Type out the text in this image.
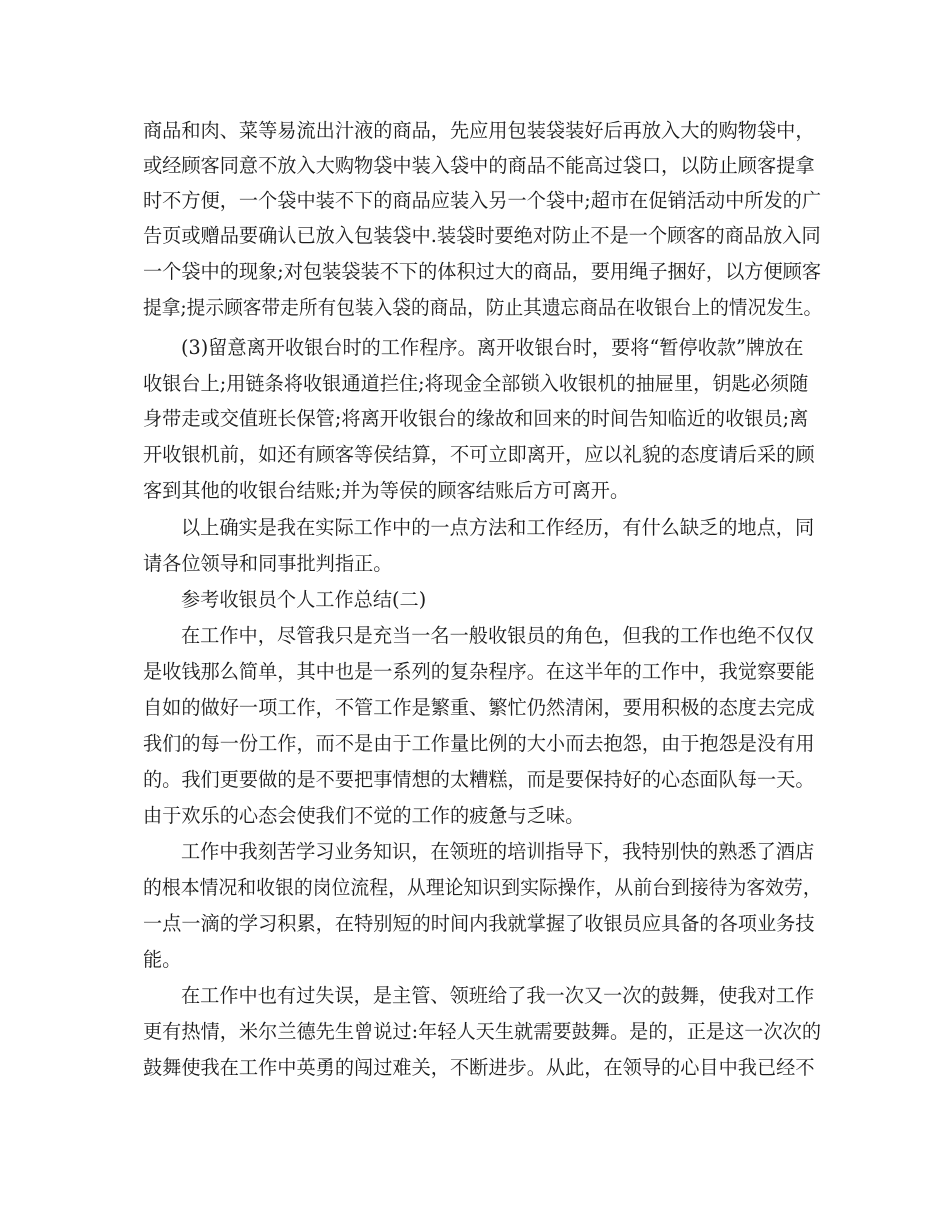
商品和肉、菜等易流出汁液的商品，先应用包装袋装好后再放入大的购物袋中，
或经顾客同意不放入大购物袋中装入袋中的商品不能高过袋口，以防止顾客提拿
时不方便，一个袋中装不下的商品应装入另一个袋中;超市在促销活动中所发的广
告页或赠品要确认已放入包装袋中.装袋时要绝对防止不是一个顾客的商品放入同
一个袋中的现象;对包装袋装不下的体积过大的商品，要用绳子捆好，以方便顾客
提拿;提示顾客带走所有包装入袋的商品，防止其遗忘商品在收银台上的情况发生。
(3)留意离开收银台时的工作程序。离开收银台时，要将“暂停收款”牌放在
收银台上;用链条将收银通道拦住;将现金全部锁入收银机的抽屉里，钥匙必须随
身带走或交值班长保管;将离开收银台的缘故和回来的时间告知临近的收银员;离
开收银机前，如还有顾客等侯结算，不可立即离开，应以礼貌的态度请后采的顾
客到其他的收银台结账;并为等侯的顾客结账后方可离开。
以上确实是我在实际工作中的一点方法和工作经历，有什么缺乏的地点，同
请各位领导和同事批判指正。
参考收银员个人工作总结(二)
在工作中，尽管我只是充当一名一般收银员的角色，但我的工作也绝不仅仅
是收钱那么简单，其中也是一系列的复杂程序。在这半年的工作中，我觉察要能
自如的做好一项工作，不管工作是繁重、繁忙仍然清闲，要用积极的态度去完成
我们的每一份工作，而不是由于工作量比例的大小而去抱怨，由于抱怨是没有用
的。我们更要做的是不要把事情想的太糟糕，而是要保持好的心态面队每一天。
由于欢乐的心态会使我们不觉的工作的疲惫与乏味。
工作中我刻苦学习业务知识，在领班的培训指导下，我特别快的熟悉了酒店
的根本情况和收银的岗位流程，从理论知识到实际操作，从前台到接待为客效劳，
一点一滴的学习积累，在特别短的时间内我就掌握了收银员应具备的各项业务技
能。
在工作中也有过失误，是主管、领班给了我一次又一次的鼓舞，使我对工作
更有热情，米尔兰德先生曾说过:年轻人天生就需要鼓舞。是的，正是这一次次的
鼓舞使我在工作中英勇的闯过难关，不断进步。从此，在领导的心目中我已经不
